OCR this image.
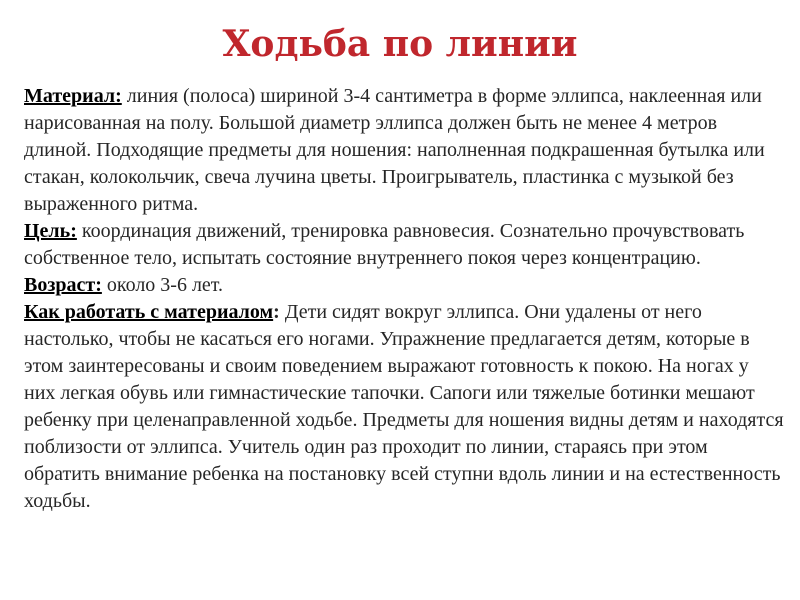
Ходьба по линии

Материал: линия (полоса) шириной 3-4 сантиметра в форме эллипса, наклеенная или нарисованная на полу. Большой диаметр эллипса должен быть не менее 4 метров длиной. Подходящие предметы для ношения: наполненная подкрашенная бутылка или стакан, колокольчик, свеча лучина цветы. Проигрыватель, пластинка с музыкой без выраженного ритма.

Цель: координация движений, тренировка равновесия. Сознательно прочувствовать собственное тело, испытать состояние внутреннего покоя через концентрацию.

Возраст: около 3-6 лет.

Как работать с материалом: Дети сидят вокруг эллипса. Они удалены от него настолько, чтобы не касаться его ногами. Упражнение предлагается детям, которые в этом заинтересованы и своим поведением выражают готовность к покою. На ногах у них легкая обувь или гимнастические тапочки. Сапоги или тяжелые ботинки мешают ребенку при целенаправленной ходьбе. Предметы для ношения видны детям и находятся поблизости от эллипса. Учитель один раз проходит по линии, стараясь при этом обратить внимание ребенка на постановку всей ступни вдоль линии и на естественность ходьбы.
